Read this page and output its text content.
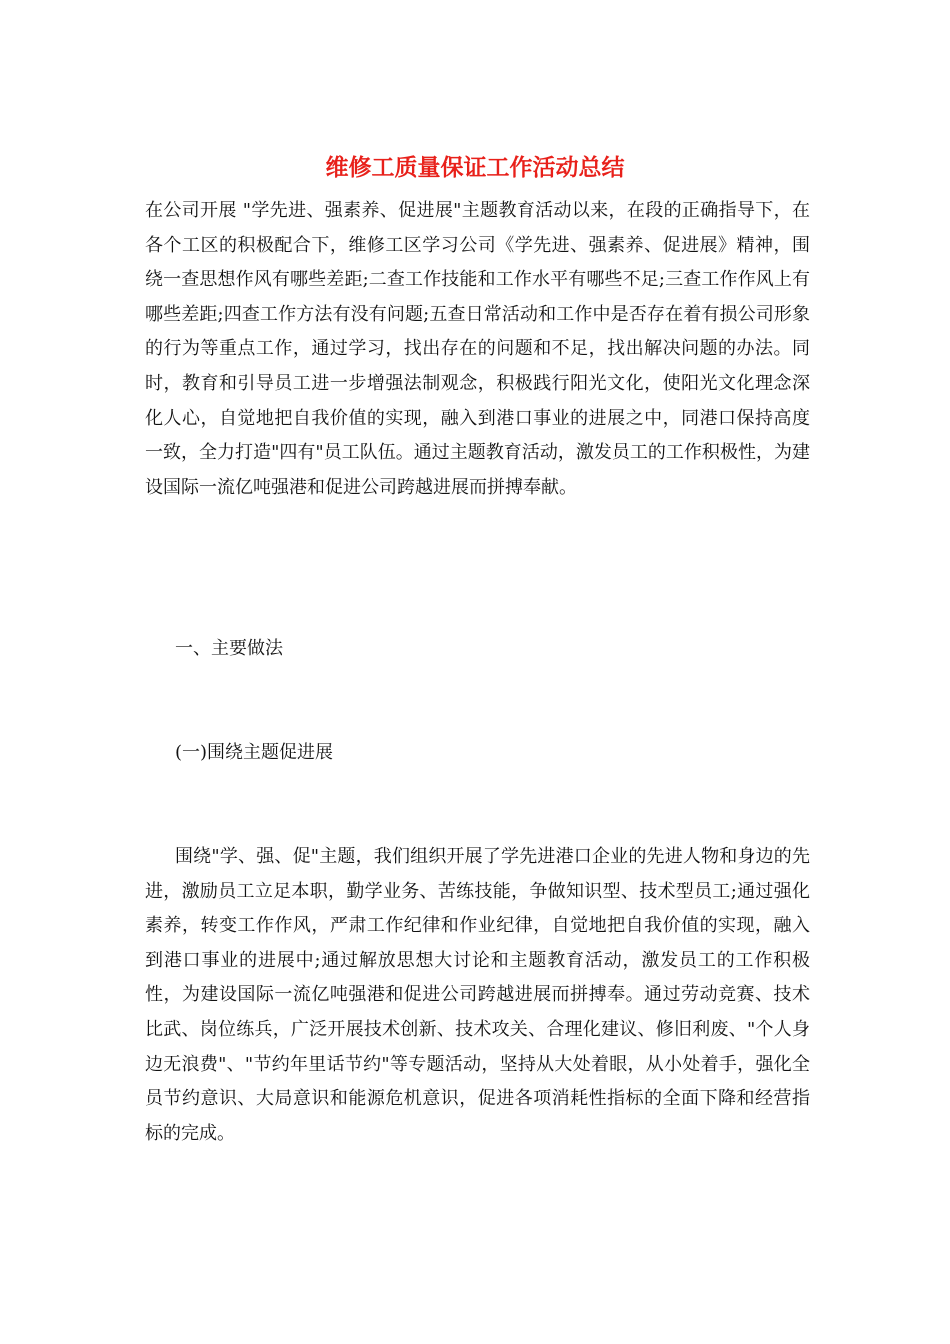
维修工质量保证工作活动总结

在公司开展 "学先进、强素养、促进展"主题教育活动以来，在段的正确指导下，在各个工区的积极配合下，维修工区学习公司《学先进、强素养、促进展》精神，围绕一查思想作风有哪些差距;二查工作技能和工作水平有哪些不足;三查工作作风上有哪些差距;四查工作方法有没有问题;五查日常活动和工作中是否存在着有损公司形象的行为等重点工作，通过学习，找出存在的问题和不足，找出解决问题的办法。同时，教育和引导员工进一步增强法制观念，积极践行阳光文化，使阳光文化理念深化人心，自觉地把自我价值的实现，融入到港口事业的进展之中，同港口保持高度一致，全力打造"四有"员工队伍。通过主题教育活动，激发员工的工作积极性，为建设国际一流亿吨强港和促进公司跨越进展而拼搏奉献。

一、主要做法

(一)围绕主题促进展

围绕"学、强、促"主题，我们组织开展了学先进港口企业的先进人物和身边的先进，激励员工立足本职，勤学业务、苦练技能，争做知识型、技术型员工;通过强化素养，转变工作作风，严肃工作纪律和作业纪律，自觉地把自我价值的实现，融入到港口事业的进展中;通过解放思想大讨论和主题教育活动，激发员工的工作积极性，为建设国际一流亿吨强港和促进公司跨越进展而拼搏奉。通过劳动竞赛、技术比武、岗位练兵，广泛开展技术创新、技术攻关、合理化建议、修旧利废、"个人身边无浪费"、"节约年里话节约"等专题活动，坚持从大处着眼，从小处着手，强化全员节约意识、大局意识和能源危机意识，促进各项消耗性指标的全面下降和经营指标的完成。
